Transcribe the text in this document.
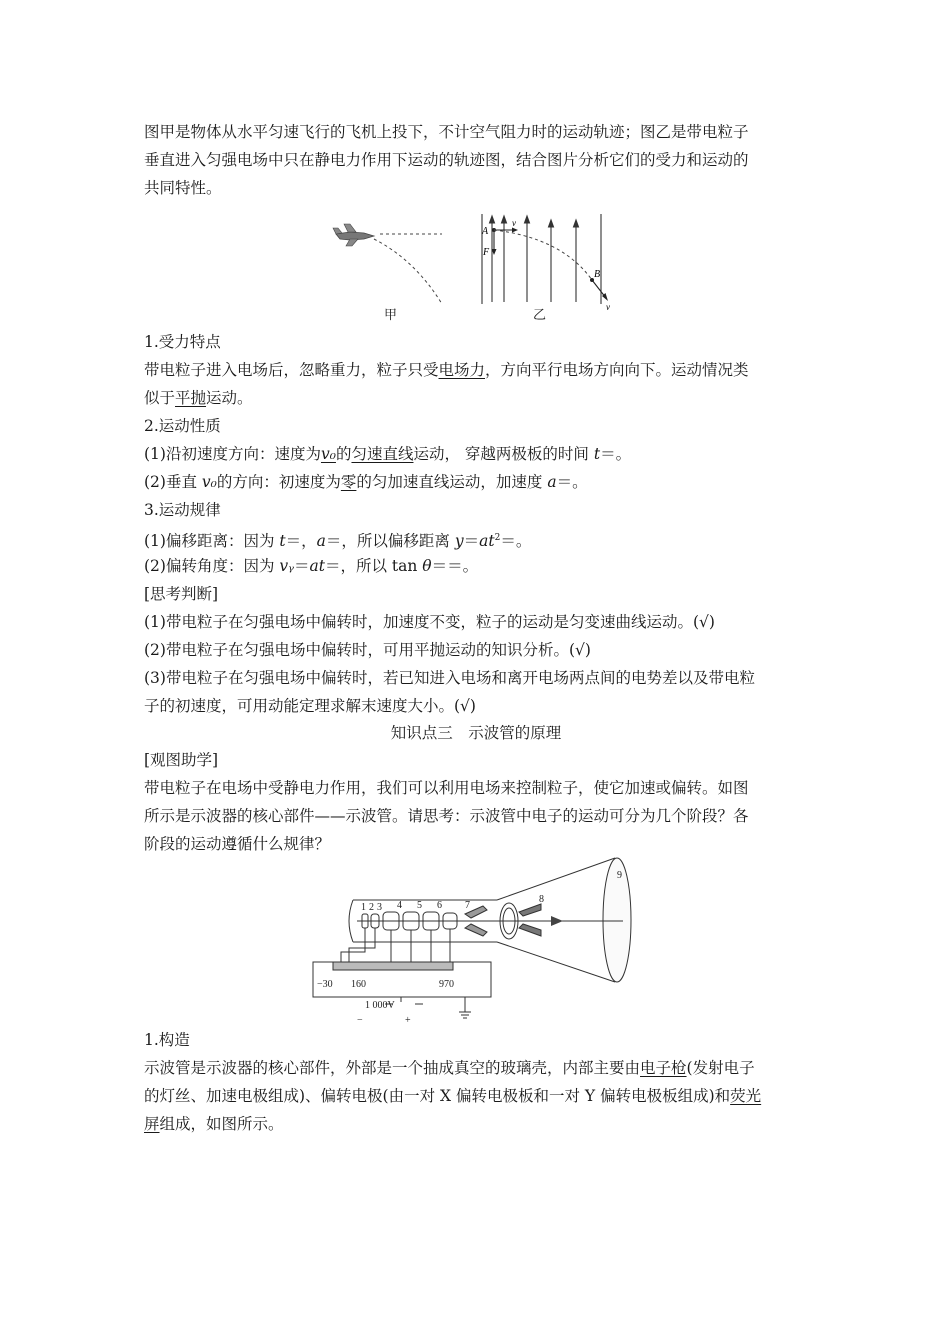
图甲是物体从水平匀速飞行的飞机上投下，不计空气阻力时的运动轨迹；图乙是带电粒子

垂直进入匀强电场中只在静电力作用下运动的轨迹图，结合图片分析它们的受力和运动的

共同特性。

A
v
F
B
v
甲	乙

1.受力特点

带电粒子进入电场后，忽略重力，粒子只受电场力，方向平行电场方向向下。运动情况类

似于平抛运动。

2.运动性质

(1)沿初速度方向：速度为v₀的匀速直线运动， 穿越两极板的时间 t＝。

(2)垂直 v₀的方向：初速度为零的匀加速直线运动，加速度 a＝。

3.运动规律

(1)偏移距离：因为 t＝，a＝，所以偏移距离 $y=at^2=$。

(2)偏转角度：因为 vᵧ＝at＝，所以 tan θ＝＝。

[思考判断]

(1)带电粒子在匀强电场中偏转时，加速度不变，粒子的运动是匀变速曲线运动。(√)

(2)带电粒子在匀强电场中偏转时，可用平抛运动的知识分析。(√)

(3)带电粒子在匀强电场中偏转时，若已知进入电场和离开电场两点间的电势差以及带电粒

子的初速度，可用动能定理求解末速度大小。(√)

知识点三　示波管的原理

[观图助学]

带电粒子在电场中受静电力作用，我们可以利用电场来控制粒子，使它加速或偏转。如图

所示是示波器的核心部件——示波管。请思考：示波管中电子的运动可分为几个阶段？各

阶段的运动遵循什么规律？

1 2 3 4 5 6 7
8
9
−30 160	970
1 000V
−	+

1.构造

示波管是示波器的核心部件，外部是一个抽成真空的玻璃壳，内部主要由电子枪(发射电子

的灯丝、加速电极组成)、偏转电极(由一对 X 偏转电极板和一对 Y 偏转电极板组成)和荧光

屏组成，如图所示。
